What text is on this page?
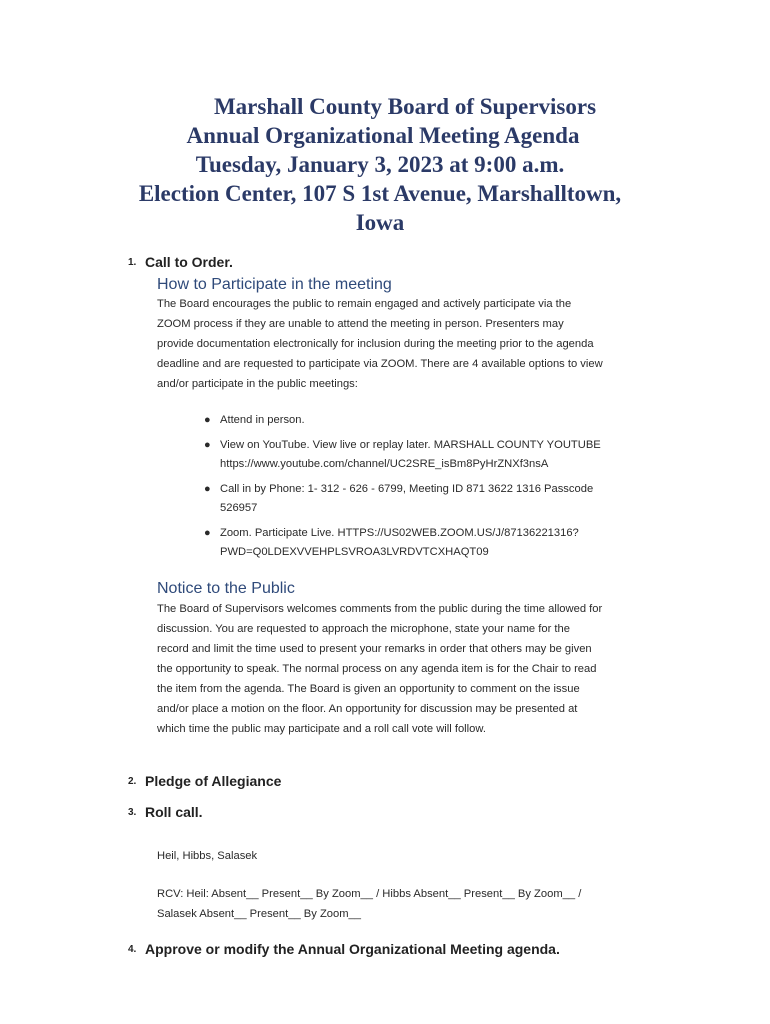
Marshall County Board of Supervisors
Annual Organizational Meeting Agenda
Tuesday, January 3, 2023 at 9:00 a.m.
Election Center, 107 S 1st Avenue, Marshalltown,
Iowa
1. Call to Order.
How to Participate in the meeting
The Board encourages the public to remain engaged and actively participate via the
ZOOM process if they are unable to attend the meeting in person. Presenters may
provide documentation electronically for inclusion during the meeting prior to the agenda
deadline and are requested to participate via ZOOM. There are 4 available options to view
and/or participate in the public meetings:
● Attend in person.
● View on YouTube. View live or replay later. MARSHALL COUNTY YOUTUBE
https://www.youtube.com/channel/UC2SRE_isBm8PyHrZNXf3nsA
● Call in by Phone: 1- 312 - 626 - 6799, Meeting ID 871 3622 1316 Passcode
526957
● Zoom. Participate Live. HTTPS://US02WEB.ZOOM.US/J/87136221316?
PWD=Q0LDEXVVEHPLSVROA3LVRDVTCXHAQT09
Notice to the Public
The Board of Supervisors welcomes comments from the public during the time allowed for
discussion. You are requested to approach the microphone, state your name for the
record and limit the time used to present your remarks in order that others may be given
the opportunity to speak. The normal process on any agenda item is for the Chair to read
the item from the agenda. The Board is given an opportunity to comment on the issue
and/or place a motion on the floor. An opportunity for discussion may be presented at
which time the public may participate and a roll call vote will follow.
2. Pledge of Allegiance
3. Roll call.
Heil, Hibbs, Salasek
RCV: Heil: Absent__ Present__ By Zoom__ / Hibbs Absent__ Present__ By Zoom__ /
Salasek Absent__ Present__ By Zoom__
4. Approve or modify the Annual Organizational Meeting agenda.
